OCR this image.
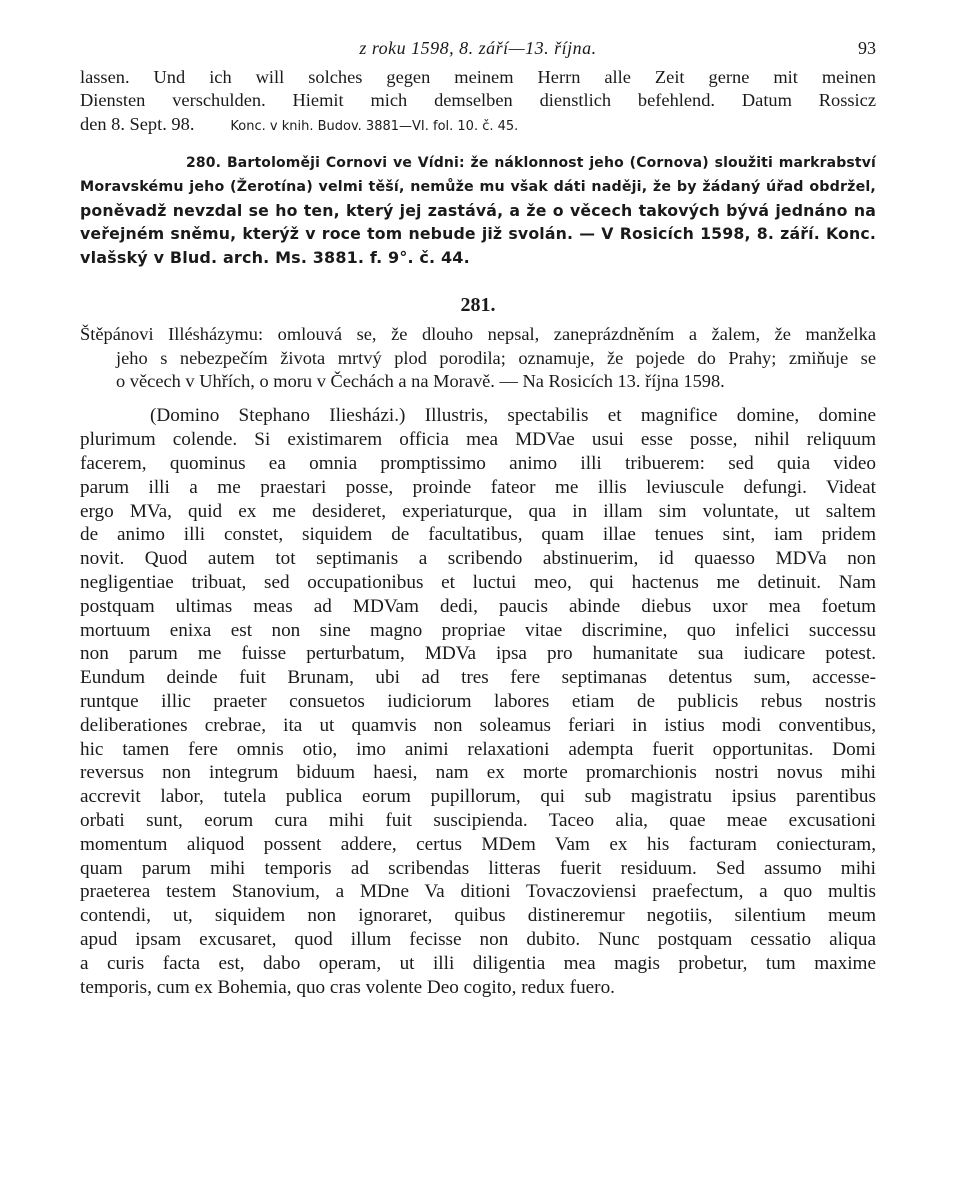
z roku 1598, 8. září—13. října.	93
lassen. Und ich will solches gegen meinem Herrn alle Zeit gerne mit meinen
Diensten verschulden. Hiemit mich demselben dienstlich befehlend. Datum Rossicz
den 8. Sept. 98.	Konc. v knih. Budov. 3881—VI. fol. 10. č. 45.
280. Bartoloměji Cornovi ve Vídni: že náklonnost jeho (Cornova) sloužiti markrabství
Moravskému jeho (Žerotína) velmi těší, nemůže mu však dáti naději, že by žádaný úřad obdržel,
poněvadž nevzdal se ho ten, který jej zastává, a že o věcech takových bývá jednáno na
veřejném sněmu, kterýž v roce tom nebude již svolán. — V Rosicích 1598, 8. září. Konc.
vlašský v Blud. arch. Ms. 3881. f. 9°. č. 44.
281.
Štěpánovi Illésházymu: omlouvá se, že dlouho nepsal, zaneprázdněním a žalem, že manželka
jeho s nebezpečím života mrtvý plod porodila; oznamuje, že pojede do Prahy; zmiňuje se
o věcech v Uhřích, o moru v Čechách a na Moravě. — Na Rosicích 13. října 1598.
(Domino Stephano Iliesházi.) Illustris, spectabilis et magnifice domine, domine
plurimum colende. Si existimarem officia mea MDVae usui esse posse, nihil reliquum
facerem, quominus ea omnia promptissimo animo illi tribuerem: sed quia video
parum illi a me praestari posse, proinde fateor me illis leviuscule defungi. Videat
ergo MVa, quid ex me desideret, experiaturque, qua in illam sim voluntate, ut saltem
de animo illi constet, siquidem de facultatibus, quam illae tenues sint, iam pridem
novit. Quod autem tot septimanis a scribendo abstinuerim, id quaesso MDVa non
negligentiae tribuat, sed occupationibus et luctui meo, qui hactenus me detinuit. Nam
postquam ultimas meas ad MDVam dedi, paucis abinde diebus uxor mea foetum
mortuum enixa est non sine magno propriae vitae discrimine, quo infelici successu
non parum me fuisse perturbatum, MDVa ipsa pro humanitate sua iudicare potest.
Eundum deinde fuit Brunam, ubi ad tres fere septimanas detentus sum, accesse-
runtque illic praeter consuetos iudiciorum labores etiam de publicis rebus nostris
deliberationes crebrae, ita ut quamvis non soleamus feriari in istius modi conventibus,
hic tamen fere omnis otio, imo animi relaxationi adempta fuerit opportunitas. Domi
reversus non integrum biduum haesi, nam ex morte promarchionis nostri novus mihi
accrevit labor, tutela publica eorum pupillorum, qui sub magistratu ipsius parentibus
orbati sunt, eorum cura mihi fuit suscipienda. Taceo alia, quae meae excusationi
momentum aliquod possent addere, certus MDem Vam ex his facturam coniecturam,
quam parum mihi temporis ad scribendas litteras fuerit residuum. Sed assumo mihi
praeterea testem Stanovium, a MDne Va ditioni Tovaczoviensi praefectum, a quo multis
contendi, ut, siquidem non ignoraret, quibus distineremur negotiis, silentium meum
apud ipsam excusaret, quod illum fecisse non dubito. Nunc postquam cessatio aliqua
a curis facta est, dabo operam, ut illi diligentia mea magis probetur, tum maxime
temporis, cum ex Bohemia, quo cras volente Deo cogito, redux fuero.
